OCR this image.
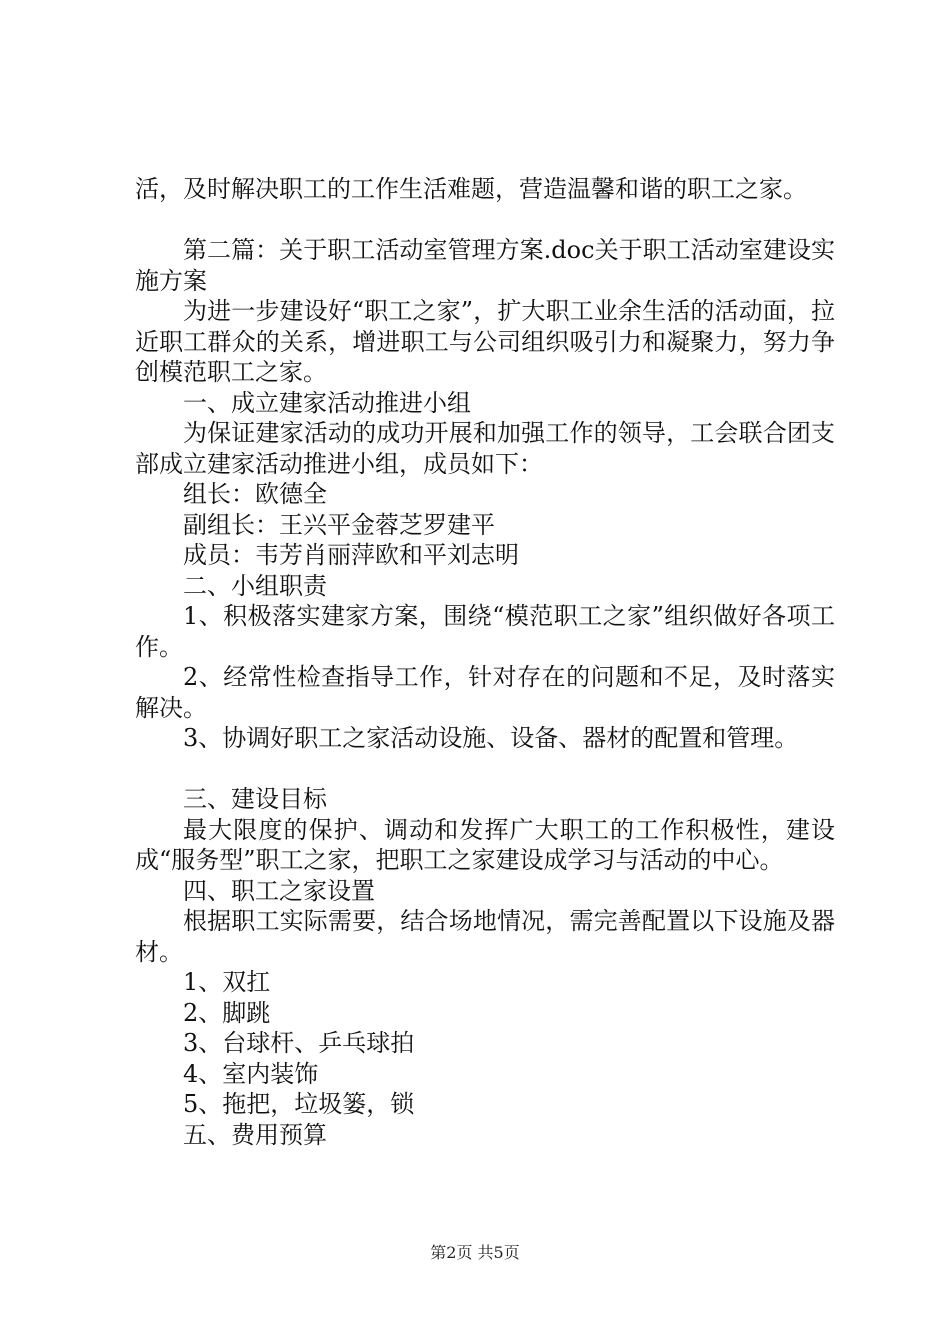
活，及时解决职工的工作生活难题，营造温馨和谐的职工之家。

第二篇：关于职工活动室管理方案.doc关于职工活动室建设实施方案

为进一步建设好“职工之家”，扩大职工业余生活的活动面，拉近职工群众的关系，增进职工与公司组织吸引力和凝聚力，努力争创模范职工之家。

一、成立建家活动推进小组

为保证建家活动的成功开展和加强工作的领导，工会联合团支部成立建家活动推进小组，成员如下：

组长：欧德全

副组长：王兴平金蓉芝罗建平

成员：韦芳肖丽萍欧和平刘志明

二、小组职责

1、积极落实建家方案，围绕“模范职工之家”组织做好各项工作。

2、经常性检查指导工作，针对存在的问题和不足，及时落实解决。

3、协调好职工之家活动设施、设备、器材的配置和管理。

三、建设目标

最大限度的保护、调动和发挥广大职工的工作积极性，建设成“服务型”职工之家，把职工之家建设成学习与活动的中心。

四、职工之家设置

根据职工实际需要，结合场地情况，需完善配置以下设施及器材。

1、双扛

2、脚跳

3、台球杆、乒乓球拍

4、室内装饰

5、拖把，垃圾篓，锁

五、费用预算

第2页 共5页
